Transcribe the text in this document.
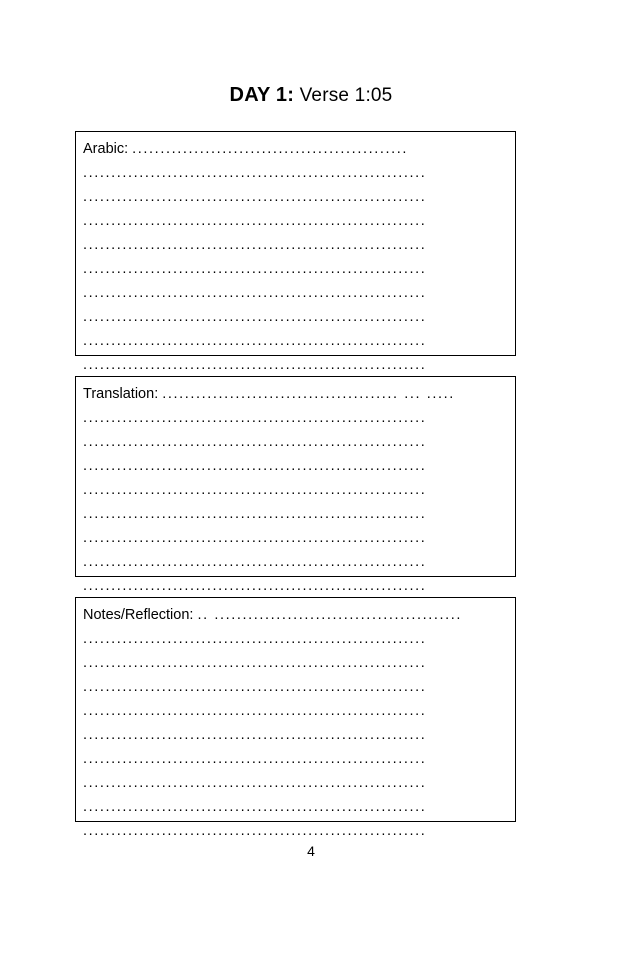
DAY 1: Verse 1:05
Arabic: .................................................
.............................................................
.............................................................
.............................................................
.............................................................
.............................................................
.............................................................
.............................................................
.............................................................
.............................................................
Translation: .......................................... ... .....
.............................................................
.............................................................
.............................................................
.............................................................
.............................................................
.............................................................
.............................................................
.............................................................
Notes/Reflection: .. ............................................
.............................................................
.............................................................
.............................................................
.............................................................
.............................................................
.............................................................
.............................................................
.............................................................
.............................................................
4
